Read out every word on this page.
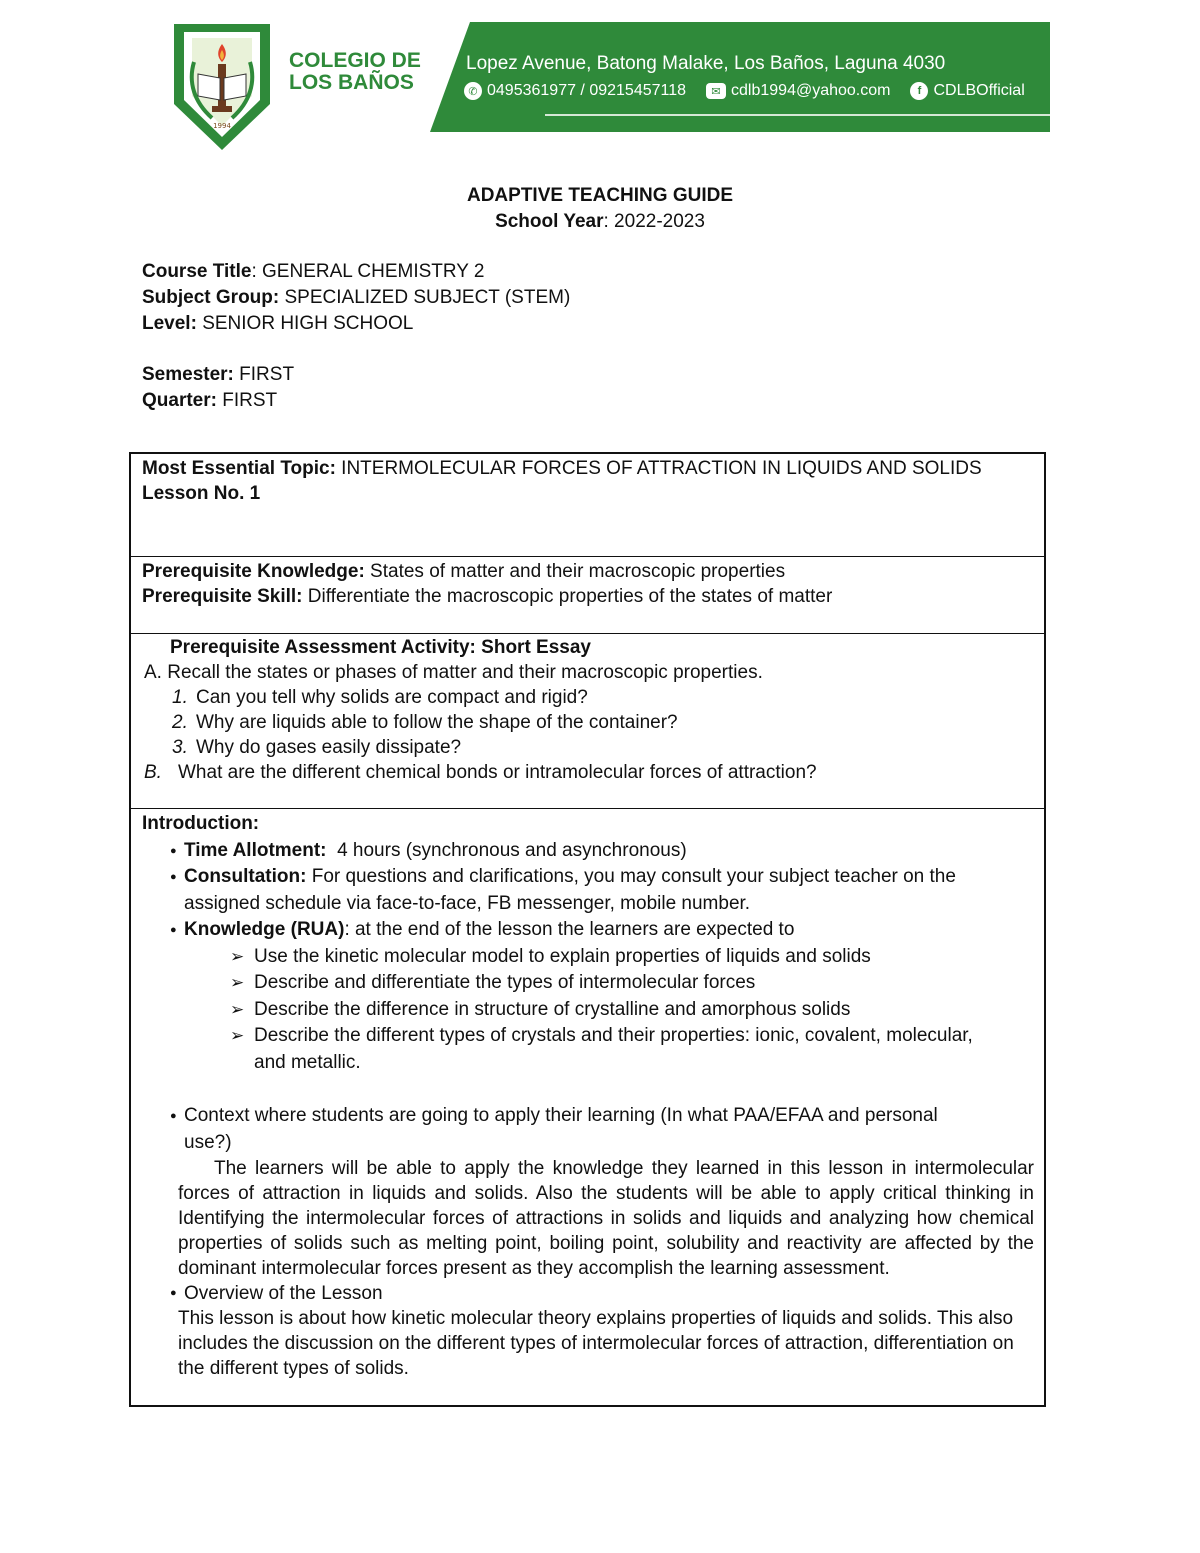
1994
COLEGIO DE
LOS BAÑOS
Lopez Avenue, Batong Malake, Los Baños, Laguna 4030
✆ 0495361977 / 09215457118	✉ cdlb1994@yahoo.com	f CDLBOfficial
ADAPTIVE TEACHING GUIDE
School Year: 2022-2023
Course Title: GENERAL CHEMISTRY 2
Subject Group: SPECIALIZED SUBJECT (STEM)
Level: SENIOR HIGH SCHOOL
Semester: FIRST
Quarter: FIRST
Most Essential Topic: INTERMOLECULAR FORCES OF ATTRACTION IN LIQUIDS AND SOLIDS
Lesson No. 1
Prerequisite Knowledge: States of matter and their macroscopic properties
Prerequisite Skill: Differentiate the macroscopic properties of the states of matter
Prerequisite Assessment Activity: Short Essay
A. Recall the states or phases of matter and their macroscopic properties.
1. Can you tell why solids are compact and rigid?
2. Why are liquids able to follow the shape of the container?
3. Why do gases easily dissipate?
B. What are the different chemical bonds or intramolecular forces of attraction?
Introduction:
● Time Allotment:  4 hours (synchronous and asynchronous)
● Consultation: For questions and clarifications, you may consult your subject teacher on the assigned schedule via face-to-face, FB messenger, mobile number.
● Knowledge (RUA): at the end of the lesson the learners are expected to
➢ Use the kinetic molecular model to explain properties of liquids and solids
➢ Describe and differentiate the types of intermolecular forces
➢ Describe the difference in structure of crystalline and amorphous solids
➢ Describe the different types of crystals and their properties: ionic, covalent, molecular, and metallic.
● Context where students are going to apply their learning (In what PAA/EFAA and personal use?)
The learners will be able to apply the knowledge they learned in this lesson in intermolecular forces of attraction in liquids and solids. Also the students will be able to apply critical thinking in Identifying the intermolecular forces of attractions in solids and liquids and analyzing how chemical properties of solids such as melting point, boiling point, solubility and reactivity are affected by the dominant intermolecular forces present as they accomplish the learning assessment.
● Overview of the Lesson
This lesson is about how kinetic molecular theory explains properties of liquids and solids. This also includes the discussion on the different types of intermolecular forces of attraction, differentiation on the different types of solids.
